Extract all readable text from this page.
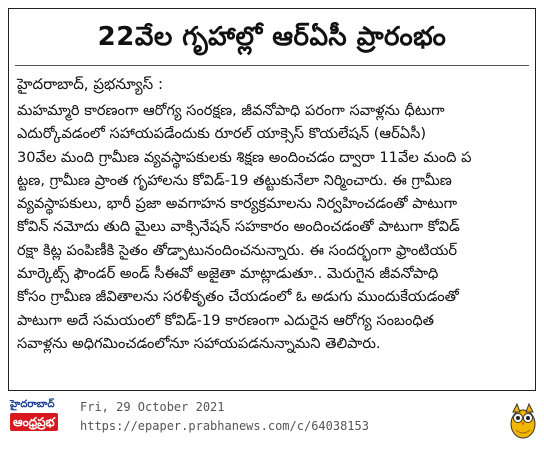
22వేల గృహాల్లో ఆర్‌ఏసీ ప్రారంభం
హైదరాబాద్, ప్రభన్యూస్ :
మహమ్మారి కారణంగా ఆరోగ్య సంరక్షణ, జీవనోపాధి పరంగా సవాళ్లను ధీటుగా
ఎదుర్కోవడంలో సహాయపడేందుకు రూరల్ యాక్సెస్ కొయలేషన్ (ఆర్‌ఏసీ)
30వేల మంది గ్రామీణ వ్యవస్థాపకులకు శిక్షణ అందించడం ద్వారా 11వేల మంది ప
ట్టణ, గ్రామీణ ప్రాంత గృహాలను కోవిడ్-19 తట్టుకునేలా నిర్మించారు. ఈ గ్రామీణ
వ్యవస్థాపకులు, భారీ ప్రజా అవగాహన కార్యక్రమాలను నిర్వహించడంతో పాటుగా
కోవిన్ నమోదు తుది మైలు వాక్సినేషన్ సహకారం అందించడంతో పాటుగా కోవిడ్
రక్షా కిట్ల పంపిణీకి సైతం తోడ్పాటునందించనున్నారు. ఈ సందర్భంగా ఫ్రాంటియర్
మార్కెట్స్ ఫౌండర్ అండ్ సీఈవో అజైతా మాట్లాడుతూ.. మెరుగైన జీవనోపాధి
కోసం గ్రామీణ జీవితాలను సరళీకృతం చేయడంలో ఓ అడుగు ముందుకేయడంతో
పాటుగా అదే సమయంలో కోవిడ్-19 కారణంగా ఎదురైన ఆరోగ్య సంబంధిత
సవాళ్లను అధిగమించడంలోనూ సహాయపడనున్నామని తెలిపారు.
హైదరాబాద్
ఆంధ్రప్రభ
Fri, 29 October 2021
https://epaper.prabhanews.com/c/64038153
